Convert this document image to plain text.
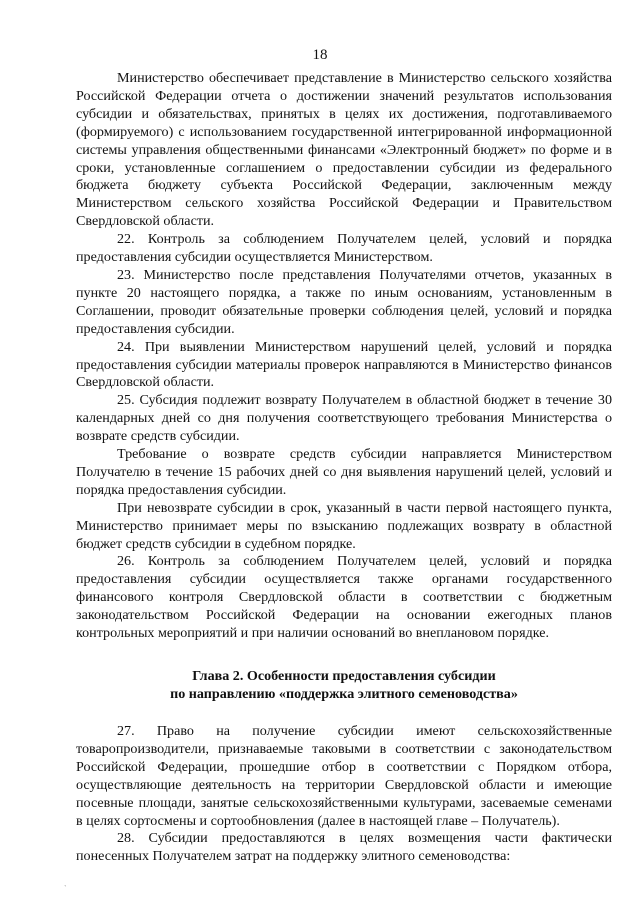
18

Министерство обеспечивает представление в Министерство сельского хозяйства Российской Федерации отчета о достижении значений результатов использования субсидии и обязательствах, принятых в целях их достижения, подготавливаемого (формируемого) с использованием государственной интегрированной информационной системы управления общественными финансами «Электронный бюджет» по форме и в сроки, установленные соглашением о предоставлении субсидии из федерального бюджета бюджету субъекта Российской Федерации, заключенным между Министерством сельского хозяйства Российской Федерации и Правительством Свердловской области.

22. Контроль за соблюдением Получателем целей, условий и порядка предоставления субсидии осуществляется Министерством.

23. Министерство после представления Получателями отчетов, указанных в пункте 20 настоящего порядка, а также по иным основаниям, установленным в Соглашении, проводит обязательные проверки соблюдения целей, условий и порядка предоставления субсидии.

24. При выявлении Министерством нарушений целей, условий и порядка предоставления субсидии материалы проверок направляются в Министерство финансов Свердловской области.

25. Субсидия подлежит возврату Получателем в областной бюджет в течение 30 календарных дней со дня получения соответствующего требования Министерства о возврате средств субсидии.

Требование о возврате средств субсидии направляется Министерством Получателю в течение 15 рабочих дней со дня выявления нарушений целей, условий и порядка предоставления субсидии.

При невозврате субсидии в срок, указанный в части первой настоящего пункта, Министерство принимает меры по взысканию подлежащих возврату в областной бюджет средств субсидии в судебном порядке.

26. Контроль за соблюдением Получателем целей, условий и порядка предоставления субсидии осуществляется также органами государственного финансового контроля Свердловской области в соответствии с бюджетным законодательством Российской Федерации на основании ежегодных планов контрольных мероприятий и при наличии оснований во внеплановом порядке.

Глава 2. Особенности предоставления субсидии
по направлению «поддержка элитного семеноводства»

27. Право на получение субсидии имеют сельскохозяйственные товаропроизводители, признаваемые таковыми в соответствии с законодательством Российской Федерации, прошедшие отбор в соответствии с Порядком отбора, осуществляющие деятельность на территории Свердловской области и имеющие посевные площади, занятые сельскохозяйственными культурами, засеваемые семенами в целях сортосмены и сортообновления (далее в настоящей главе – Получатель).

28. Субсидии предоставляются в целях возмещения части фактически понесенных Получателем затрат на поддержку элитного семеноводства:

`
